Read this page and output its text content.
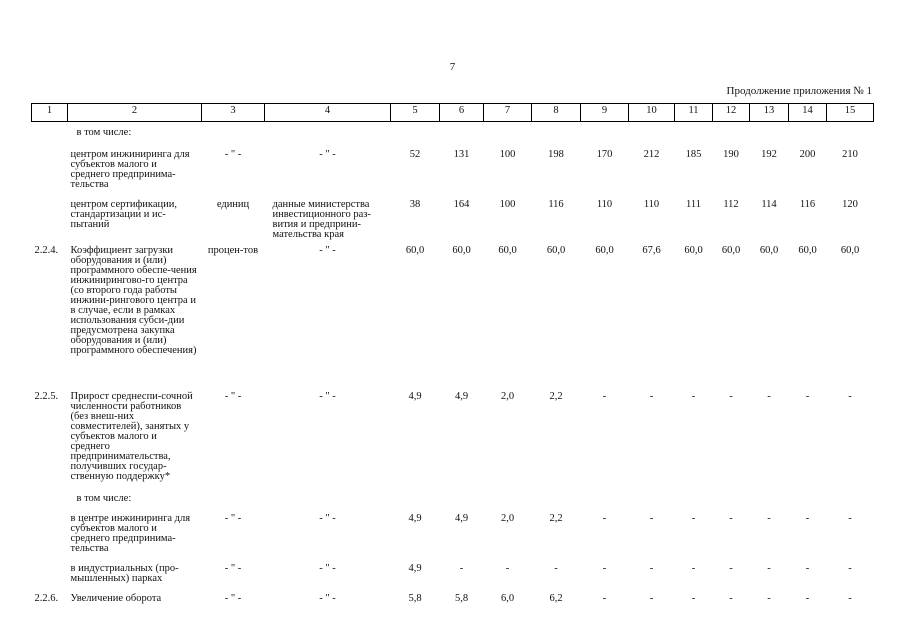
7
Продолжение приложения № 1
1	2	3	4	5	6	7	8	9	10	11	12	13	14	15
	в том числе:													
	центром инжиниринга для субъектов малого и среднего предпринима-тельства	- " -	- " -	52	131	100	198	170	212	185	190	192	200	210
	центром сертификации, стандартизации и ис-пытаний	единиц	данные министерства инвестиционного раз-вития и предприни-мательства края	38	164	100	116	110	110	111	112	114	116	120
2.2.4.	Коэффициент загрузки оборудования и (или) программного обеспе-чения инжинирингово-го центра (со второго года работы инжини-рингового центра и в случае, если в рамках использования субси-дии предусмотрена закупка оборудования и (или) программного обеспечения)	процен-тов	- " -	60,0	60,0	60,0	60,0	60,0	67,6	60,0	60,0	60,0	60,0	60,0
2.2.5.	Прирост среднеспи-сочной численности работников (без внеш-них совместителей), занятых у субъектов малого и среднего предпринимательства, получивших государ-ственную поддержку*	- " -	- " -	4,9	4,9	2,0	2,2	-	-	-	-	-	-	-
	в том числе:													
	в центре инжиниринга для субъектов малого и среднего предпринима-тельства	- " -	- " -	4,9	4,9	2,0	2,2	-	-	-	-	-	-	-
	в индустриальных (про-мышленных) парках	- " -	- " -	4,9	-	-	-	-	-	-	-	-	-	-
2.2.6.	Увеличение оборота	- " -	- " -	5,8	5,8	6,0	6,2	-	-	-	-	-	-	-
